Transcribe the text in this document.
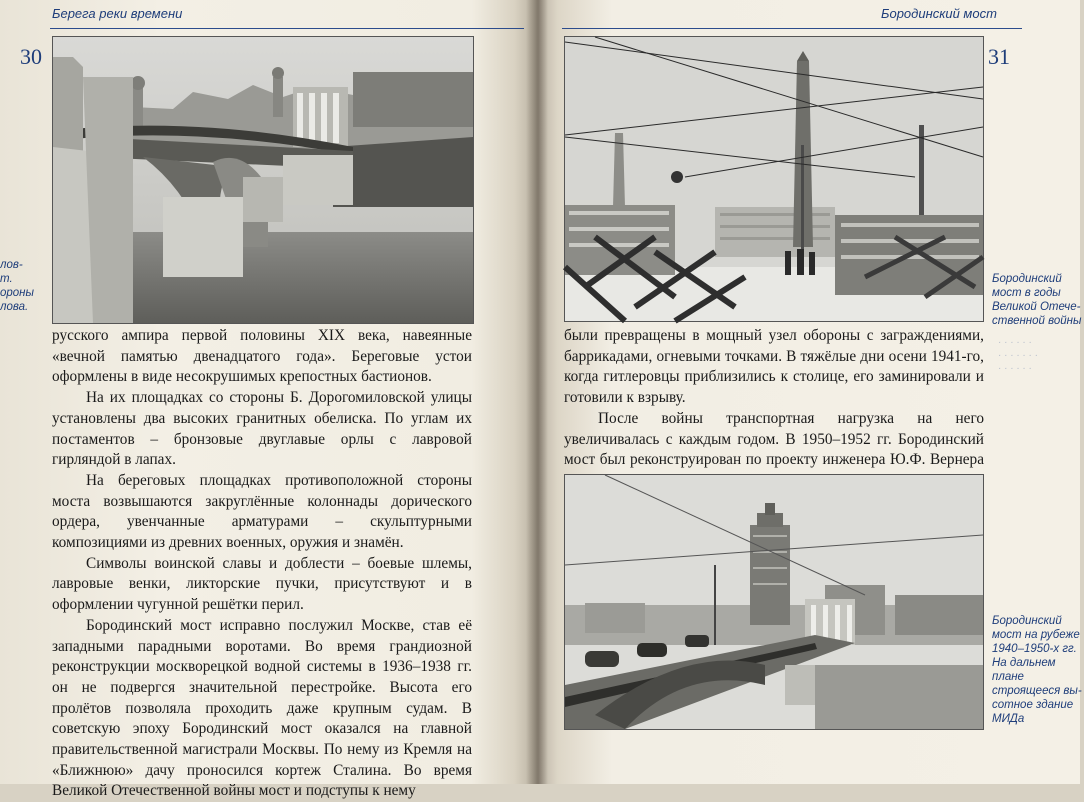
Берега реки времени
30
лов-
т.
ороны
лова.

русского ампира первой половины XIX века, навеянные «вечной памятью двенадцатого года». Береговые устои оформлены в виде несокрушимых крепостных бастионов.

На их площадках со стороны Б. Дорогомиловской улицы установлены два высоких гранитных обелиска. По углам их постаментов – бронзовые двуглавые орлы с лавровой гирляндой в лапах.

На береговых площадках противоположной стороны моста возвышаются закруглённые колоннады дорического ордера, увенчанные арматурами – скульптурными композициями из древних военных, оружия и знамён.

Символы воинской славы и доблести – боевые шлемы, лавровые венки, ликторские пучки, присутствуют и в оформлении чугунной решётки перил.

Бородинский мост исправно послужил Москве, став её западными парадными воротами. Во время грандиозной реконструкции москворецкой водной системы в 1936–1938 гг. он не подвергся значительной перестройке. Высота его пролётов позволяла проходить даже крупным судам. В советскую эпоху Бородинский мост оказался на главной правительственной магистрали Москвы. По нему из Кремля на «Ближнюю» дачу проносился кортеж Сталина. Во время Великой Отечественной войны мост и подступы к нему

Бородинский мост
31
Бородинский
мост в годы
Великой Отече-
ственной войны
· · · · · ·
· · · · · · ·
· · · · · ·

были превращены в мощный узел обороны с заграждениями, баррикадами, огневыми точками. В тяжёлые дни осени 1941-го, когда гитлеровцы приблизились к столице, его заминировали и готовили к взрыву.

После войны транспортная нагрузка на него увеличивалась с каждым годом. В 1950–1952 гг. Бородинский мост был реконструирован по проекту инженера Ю.Ф. Вернера

Бородинский
мост на рубеже
1940–1950-х гг.
На дальнем плане
строящееся вы-
сотное здание
МИДа
